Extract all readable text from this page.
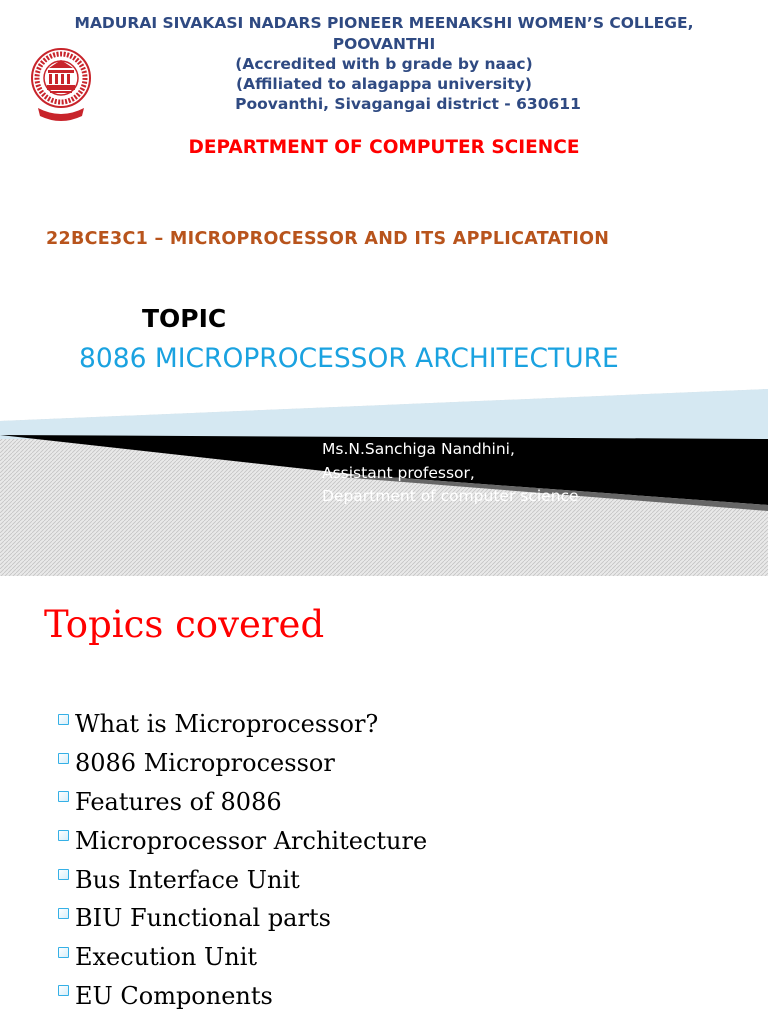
MADURAI SIVAKASI NADARS PIONEER MEENAKSHI WOMEN’S COLLEGE,
POOVANTHI
(Accredited with b grade by naac)
(Affiliated to alagappa university)
Poovanthi, Sivagangai district - 630611
DEPARTMENT OF COMPUTER SCIENCE
22BCE3C1 – MICROPROCESSOR AND ITS APPLICATATION
TOPIC
8086 MICROPROCESSOR ARCHITECTURE
Ms.N.Sanchiga Nandhini,
Assistant professor,
Department of computer science
Topics covered
What is Microprocessor?
8086 Microprocessor
Features of 8086
Microprocessor Architecture
Bus Interface Unit
BIU Functional parts
Execution Unit
EU Components
